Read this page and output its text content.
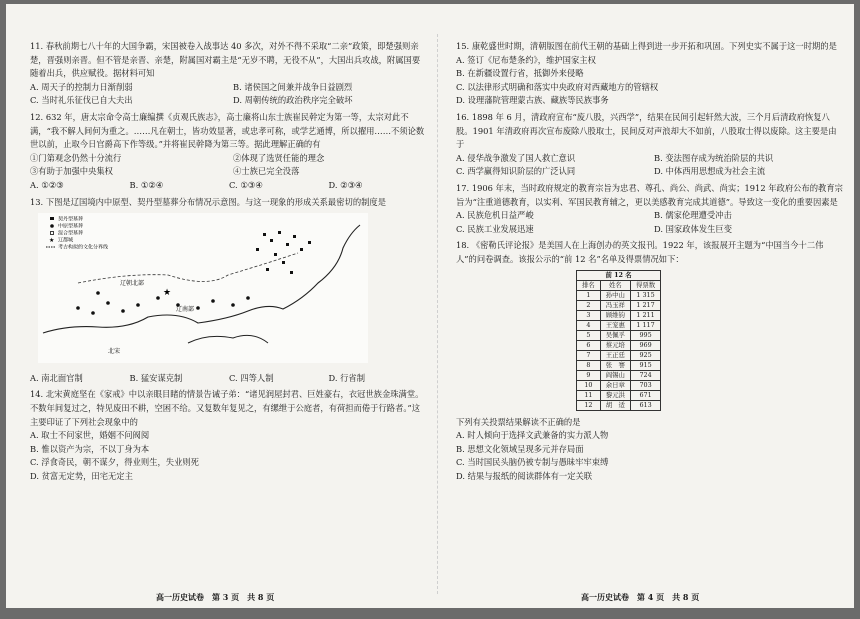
11. 春秋前期七八十年的大国争霸，宋国被卷入战事达 40 多次，对外不得不采取“二亲”政策，即楚强则亲楚，晋强则亲晋。但不管是亲晋、亲楚，附属国对霸主是“无岁不聘，无役不从”，大国出兵攻战，附属国要随着出兵，供应赋役。据材料可知
A. 周天子的控制力日渐削弱	B. 诸侯国之间兼并战争日益剧烈
C. 当时礼乐征伐已自大夫出	D. 周朝传统的政治秩序完全破坏
12. 632 年，唐太宗命令高士廉编撰《贞观氏族志》，高士廉将山东士族崔民幹定为第一等，太宗对此不满，“我不解人间何为重之。……凡在朝士，皆功效显著，或忠孝可称，或学艺通博，所以擢用……不须论数世以前，止取今日官爵高下作等级。”并将崔民幹降为第三等。据此理解正确的有
①门第观念仍然十分流行	②体现了选贤任能的理念
③有助于加强中央集权	④士族已完全没落
A. ①②③	B. ①②④	C. ①③④	D. ②③④
13. 下图是辽国境内中原型、契丹型墓葬分布情况示意图。与这一现象的形成关系最密切的制度是
契丹型墓葬
中原型墓葬
混合型墓葬
★ 辽都城
考古构拟的文化分界线
★
辽朝北部
辽南部
北宋
A. 南北面官制	B. 猛安谋克制	C. 四等人制	D. 行省制
14. 北宋黄庭坚在《家戒》中以亲眼目睹的情景告诫子弟：“诸见润屋封君、巨姓豪右，衣冠世族金珠满堂。不数年间复过之，特见废田不耕，空困不给。又复数年复见之，有缧绁于公庭者，有荷担而倦于行路者。”这主要印证了下列社会现象中的
A. 取士不问家世，婚姻不问阀阅
B. 惟以资产为宗，不以丁身为本
C. 浮食奇民，朝不谋夕，得业则生，失业则死
D. 贫富无定势，田宅无定主
15. 康乾盛世时期，清朝版图在前代王朝的基础上得到进一步开拓和巩固。下列史实不属于这一时期的是
A. 签订《尼布楚条约》，维护国家主权
B. 在新疆设置行省，抵御外来侵略
C. 以法律形式明确和落实中央政府对西藏地方的管辖权
D. 设理藩院管理蒙古族、藏族等民族事务
16. 1898 年 6 月，清政府宣布“废八股，兴西学”，结果在民间引起轩然大波，三个月后清政府恢复八股。1901 年清政府再次宣布废除八股取士，民间反对声浪却大不如前，八股取士得以废除。这主要是由于
A. 侵华战争激发了国人救亡意识	B. 变法图存成为统治阶层的共识
C. 西学赢得知识阶层的广泛认同	D. 中体西用思想成为社会主流
17. 1906 年末，当时政府规定的教育宗旨为忠君、尊孔、尚公、尚武、尚实；1912 年政府公布的教育宗旨为“注重道德教育，以实利、军国民教育辅之，更以美感教育完成其道德”。导致这一变化的重要因素是
A. 民族危机日益严峻	B. 儒家伦理遭受冲击
C. 民族工业发展迅速	D. 国家政体发生巨变
18. 《密勒氏评论报》是美国人在上海创办的英文报刊。1922 年，该报展开主题为“中国当今十二伟人”的问卷调查。该报公示的“前 12 名”名单及得票情况如下：
前 12 名		
排名	姓名	得票数
1	孙中山	1 315
2	冯玉祥	1 217
3	顾维钧	1 211
4	王宠惠	1 117
5	吴佩孚	995
6	蔡元培	969
7	王正廷	925
8	张　謇	915
9	阎锡山	724
10	余日章	703
11	黎元洪	671
12	胡　适	613
下列有关投票结果解读不正确的是
A. 时人倾向于选择文武兼备的实力派人物
B. 思想文化领域呈现多元并存局面
C. 当时国民头脑仍被专制与愚昧牢牢束缚
D. 结果与报纸的阅读群体有一定关联
高一历史试卷　第 3 页　共 8 页	高一历史试卷　第 4 页　共 8 页
